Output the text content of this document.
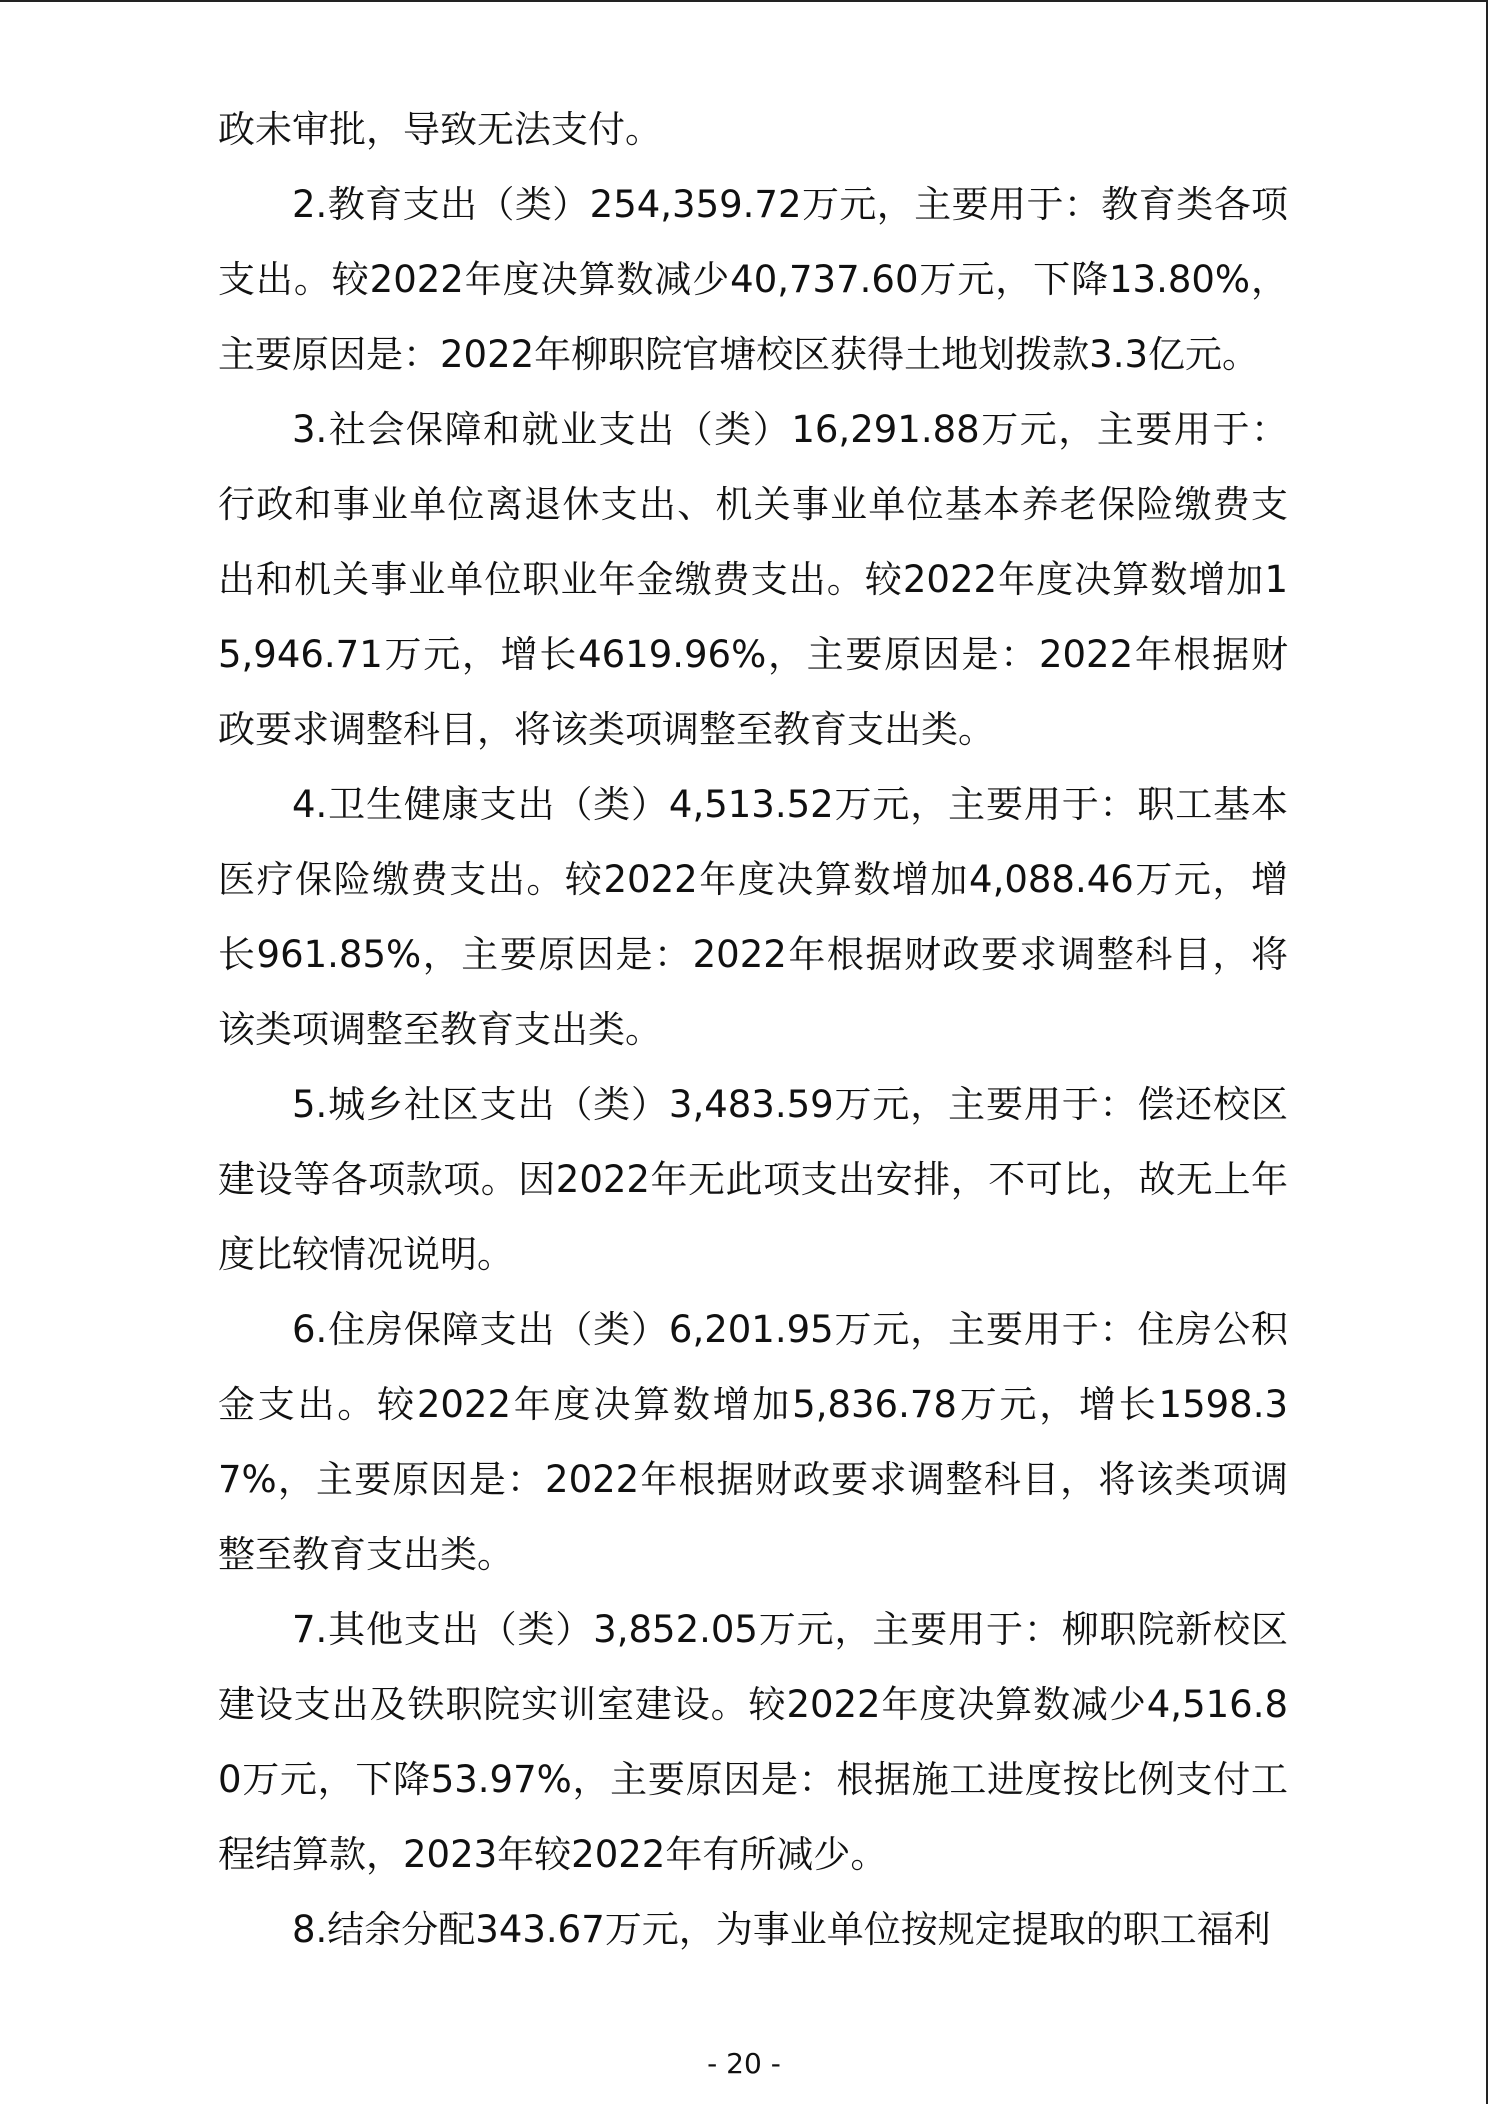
政未审批，导致无法支付。

2.教育支出（类）254,359.72万元，主要用于：教育类各项支出。较2022年度决算数减少40,737.60万元，下降13.80%，主要原因是：2022年柳职院官塘校区获得土地划拨款3.3亿元。

3.社会保障和就业支出（类）16,291.88万元，主要用于：行政和事业单位离退休支出、机关事业单位基本养老保险缴费支出和机关事业单位职业年金缴费支出。较2022年度决算数增加15,946.71万元，增长4619.96%，主要原因是：2022年根据财政要求调整科目，将该类项调整至教育支出类。

4.卫生健康支出（类）4,513.52万元，主要用于：职工基本医疗保险缴费支出。较2022年度决算数增加4,088.46万元，增长961.85%，主要原因是：2022年根据财政要求调整科目，将该类项调整至教育支出类。

5.城乡社区支出（类）3,483.59万元，主要用于：偿还校区建设等各项款项。因2022年无此项支出安排，不可比，故无上年度比较情况说明。

6.住房保障支出（类）6,201.95万元，主要用于：住房公积金支出。较2022年度决算数增加5,836.78万元，增长1598.37%，主要原因是：2022年根据财政要求调整科目，将该类项调整至教育支出类。

7.其他支出（类）3,852.05万元，主要用于：柳职院新校区建设支出及铁职院实训室建设。较2022年度决算数减少4,516.80万元，下降53.97%，主要原因是：根据施工进度按比例支付工程结算款，2023年较2022年有所减少。

8.结余分配343.67万元，为事业单位按规定提取的职工福利

- 20 -
